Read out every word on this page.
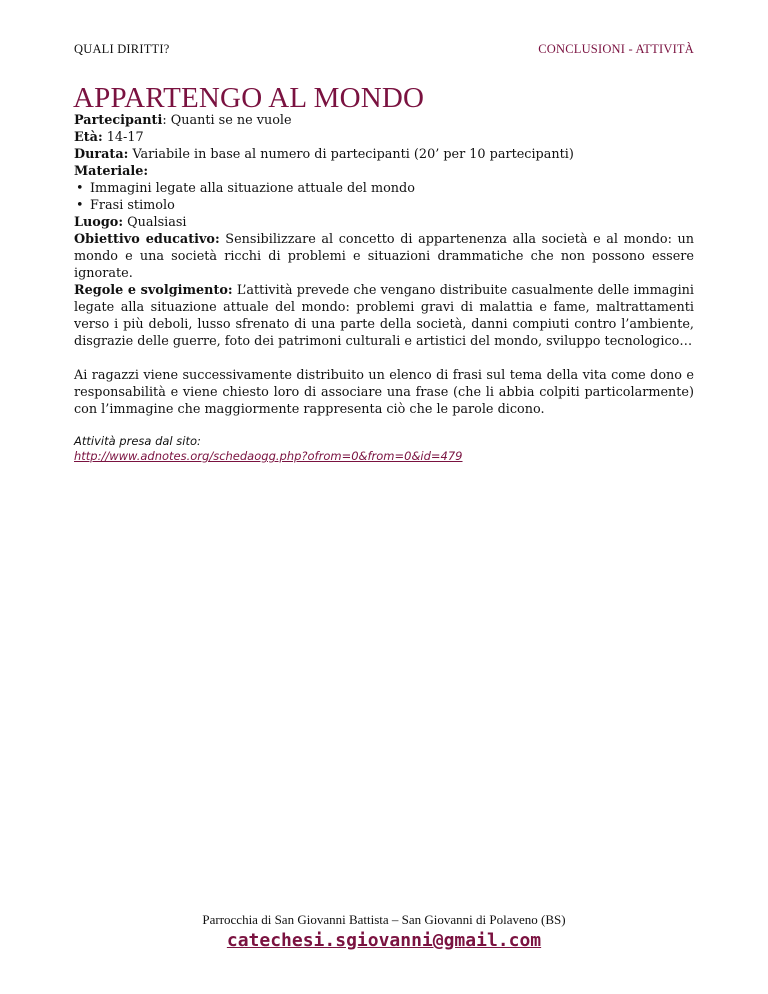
QUALI DIRITTI?	CONCLUSIONI - ATTIVITÀ
APPARTENGO AL MONDO

Partecipanti: Quanti se ne vuole

Età: 14-17

Durata: Variabile in base al numero di partecipanti (20’ per 10 partecipanti)

Materiale:

• Immagini legate alla situazione attuale del mondo
• Frasi stimolo

Luogo: Qualsiasi

Obiettivo educativo: Sensibilizzare al concetto di appartenenza alla società e al mondo: un mondo e una società ricchi di problemi e situazioni drammatiche che non possono essere ignorate.

Regole e svolgimento: L’attività prevede che vengano distribuite casualmente delle immagini legate alla situazione attuale del mondo: problemi gravi di malattia e fame, maltrattamenti verso i più deboli, lusso sfrenato di una parte della società, danni compiuti contro l’ambiente, disgrazie delle guerre, foto dei patrimoni culturali e artistici del mondo, sviluppo tecnologico…

Ai ragazzi viene successivamente distribuito un elenco di frasi sul tema della vita come dono e responsabilità e viene chiesto loro di associare una frase (che li abbia colpiti particolarmente) con l’immagine che maggiormente rappresenta ciò che le parole dicono.

Attività presa dal sito:
http://www.adnotes.org/schedaogg.php?ofrom=0&from=0&id=479
Parrocchia di San Giovanni Battista – San Giovanni di Polaveno (BS)
catechesi.sgiovanni@gmail.com
